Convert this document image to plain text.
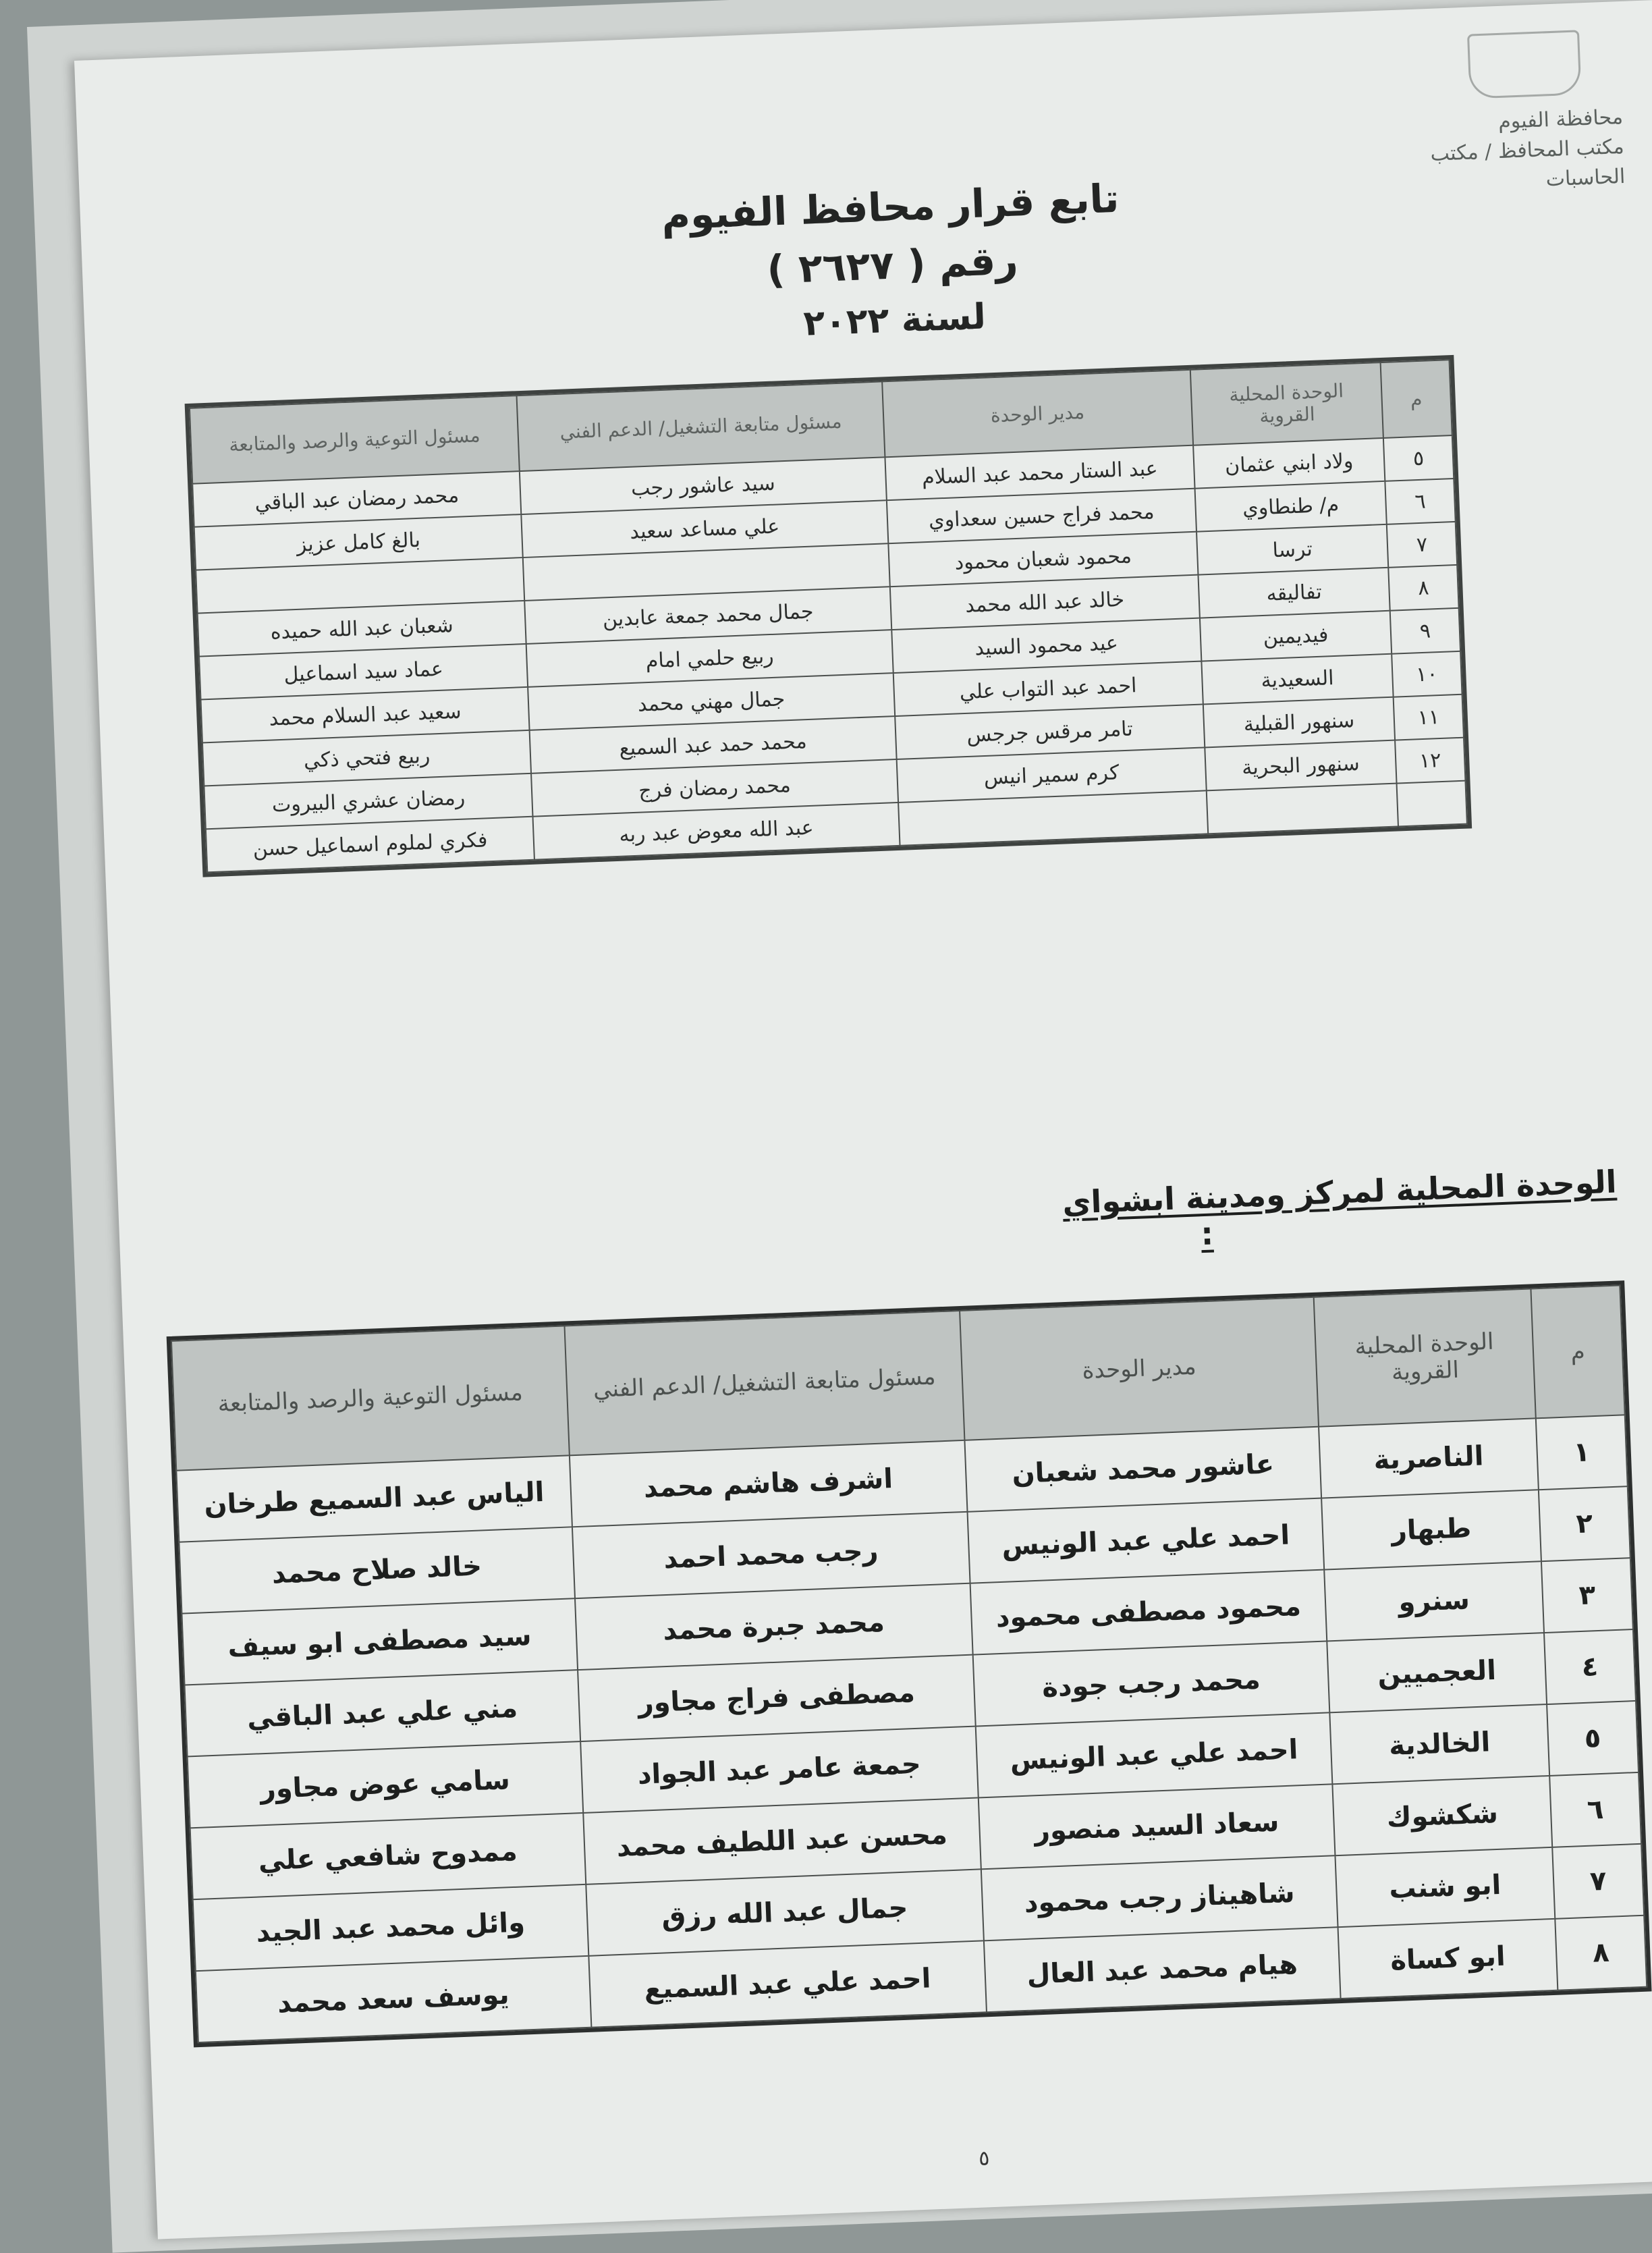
محافظة الفيوم
مكتب المحافظ / مكتب
الحاسبات
تابع قرار محافظ الفيوم
رقم ( ٢٦٢٧ )
لسنة ٢٠٢٢
م	الوحدة المحلية القروية	مدير الوحدة	مسئول متابعة التشغيل/ الدعم الفني	مسئول التوعية والرصد والمتابعة
٥	ولاد ابني عثمان	عبد الستار محمد عبد السلام	سيد عاشور رجب	محمد رمضان عبد الباقي
٦	م/ طنطاوي	محمد فراج حسين سعداوي	علي مساعد سعيد	بالغ كامل عزيز
٧	ترسا	محمود شعبان محمود		
٨	تفاليقه	خالد عبد الله محمد	جمال محمد جمعة عابدين	شعبان عبد الله حميده
٩	فيديمين	عيد محمود السيد	ربيع حلمي امام	عماد سيد اسماعيل
١٠	السعيدية	احمد عبد التواب علي	جمال مهني محمد	سعيد عبد السلام محمد
١١	سنهور القبلية	تامر مرقس جرجس	محمد حمد عبد السميع	ربيع فتحي ذكي
١٢	سنهور البحرية	كرم سمير انيس	محمد رمضان فرج	رمضان عشري البيروت
			عبد الله معوض عبد ربه	فكري لملوم اسماعيل حسن
الوحدة المحلية لمركز ومدينة ابشواي
:
م	الوحدة المحلية القروية	مدير الوحدة	مسئول متابعة التشغيل/ الدعم الفني	مسئول التوعية والرصد والمتابعة
١	الناصرية	عاشور محمد شعبان	اشرف هاشم محمد	الياس عبد السميع طرخان
٢	طبهار	احمد علي عبد الونيس	رجب محمد احمد	خالد صلاح محمد
٣	سنرو	محمود مصطفى محمود	محمد جبرة محمد	سيد مصطفى ابو سيف
٤	العجميين	محمد رجب جودة	مصطفى فراج مجاور	مني علي عبد الباقي
٥	الخالدية	احمد علي عبد الونيس	جمعة عامر عبد الجواد	سامي عوض مجاور
٦	شكشوك	سعاد السيد منصور	محسن عبد اللطيف محمد	ممدوح شافعي علي
٧	ابو شنب	شاهيناز رجب محمود	جمال عبد الله رزق	وائل محمد عبد الجيد
٨	ابو كساة	هيام محمد عبد العال	احمد علي عبد السميع	يوسف سعد محمد
٥
